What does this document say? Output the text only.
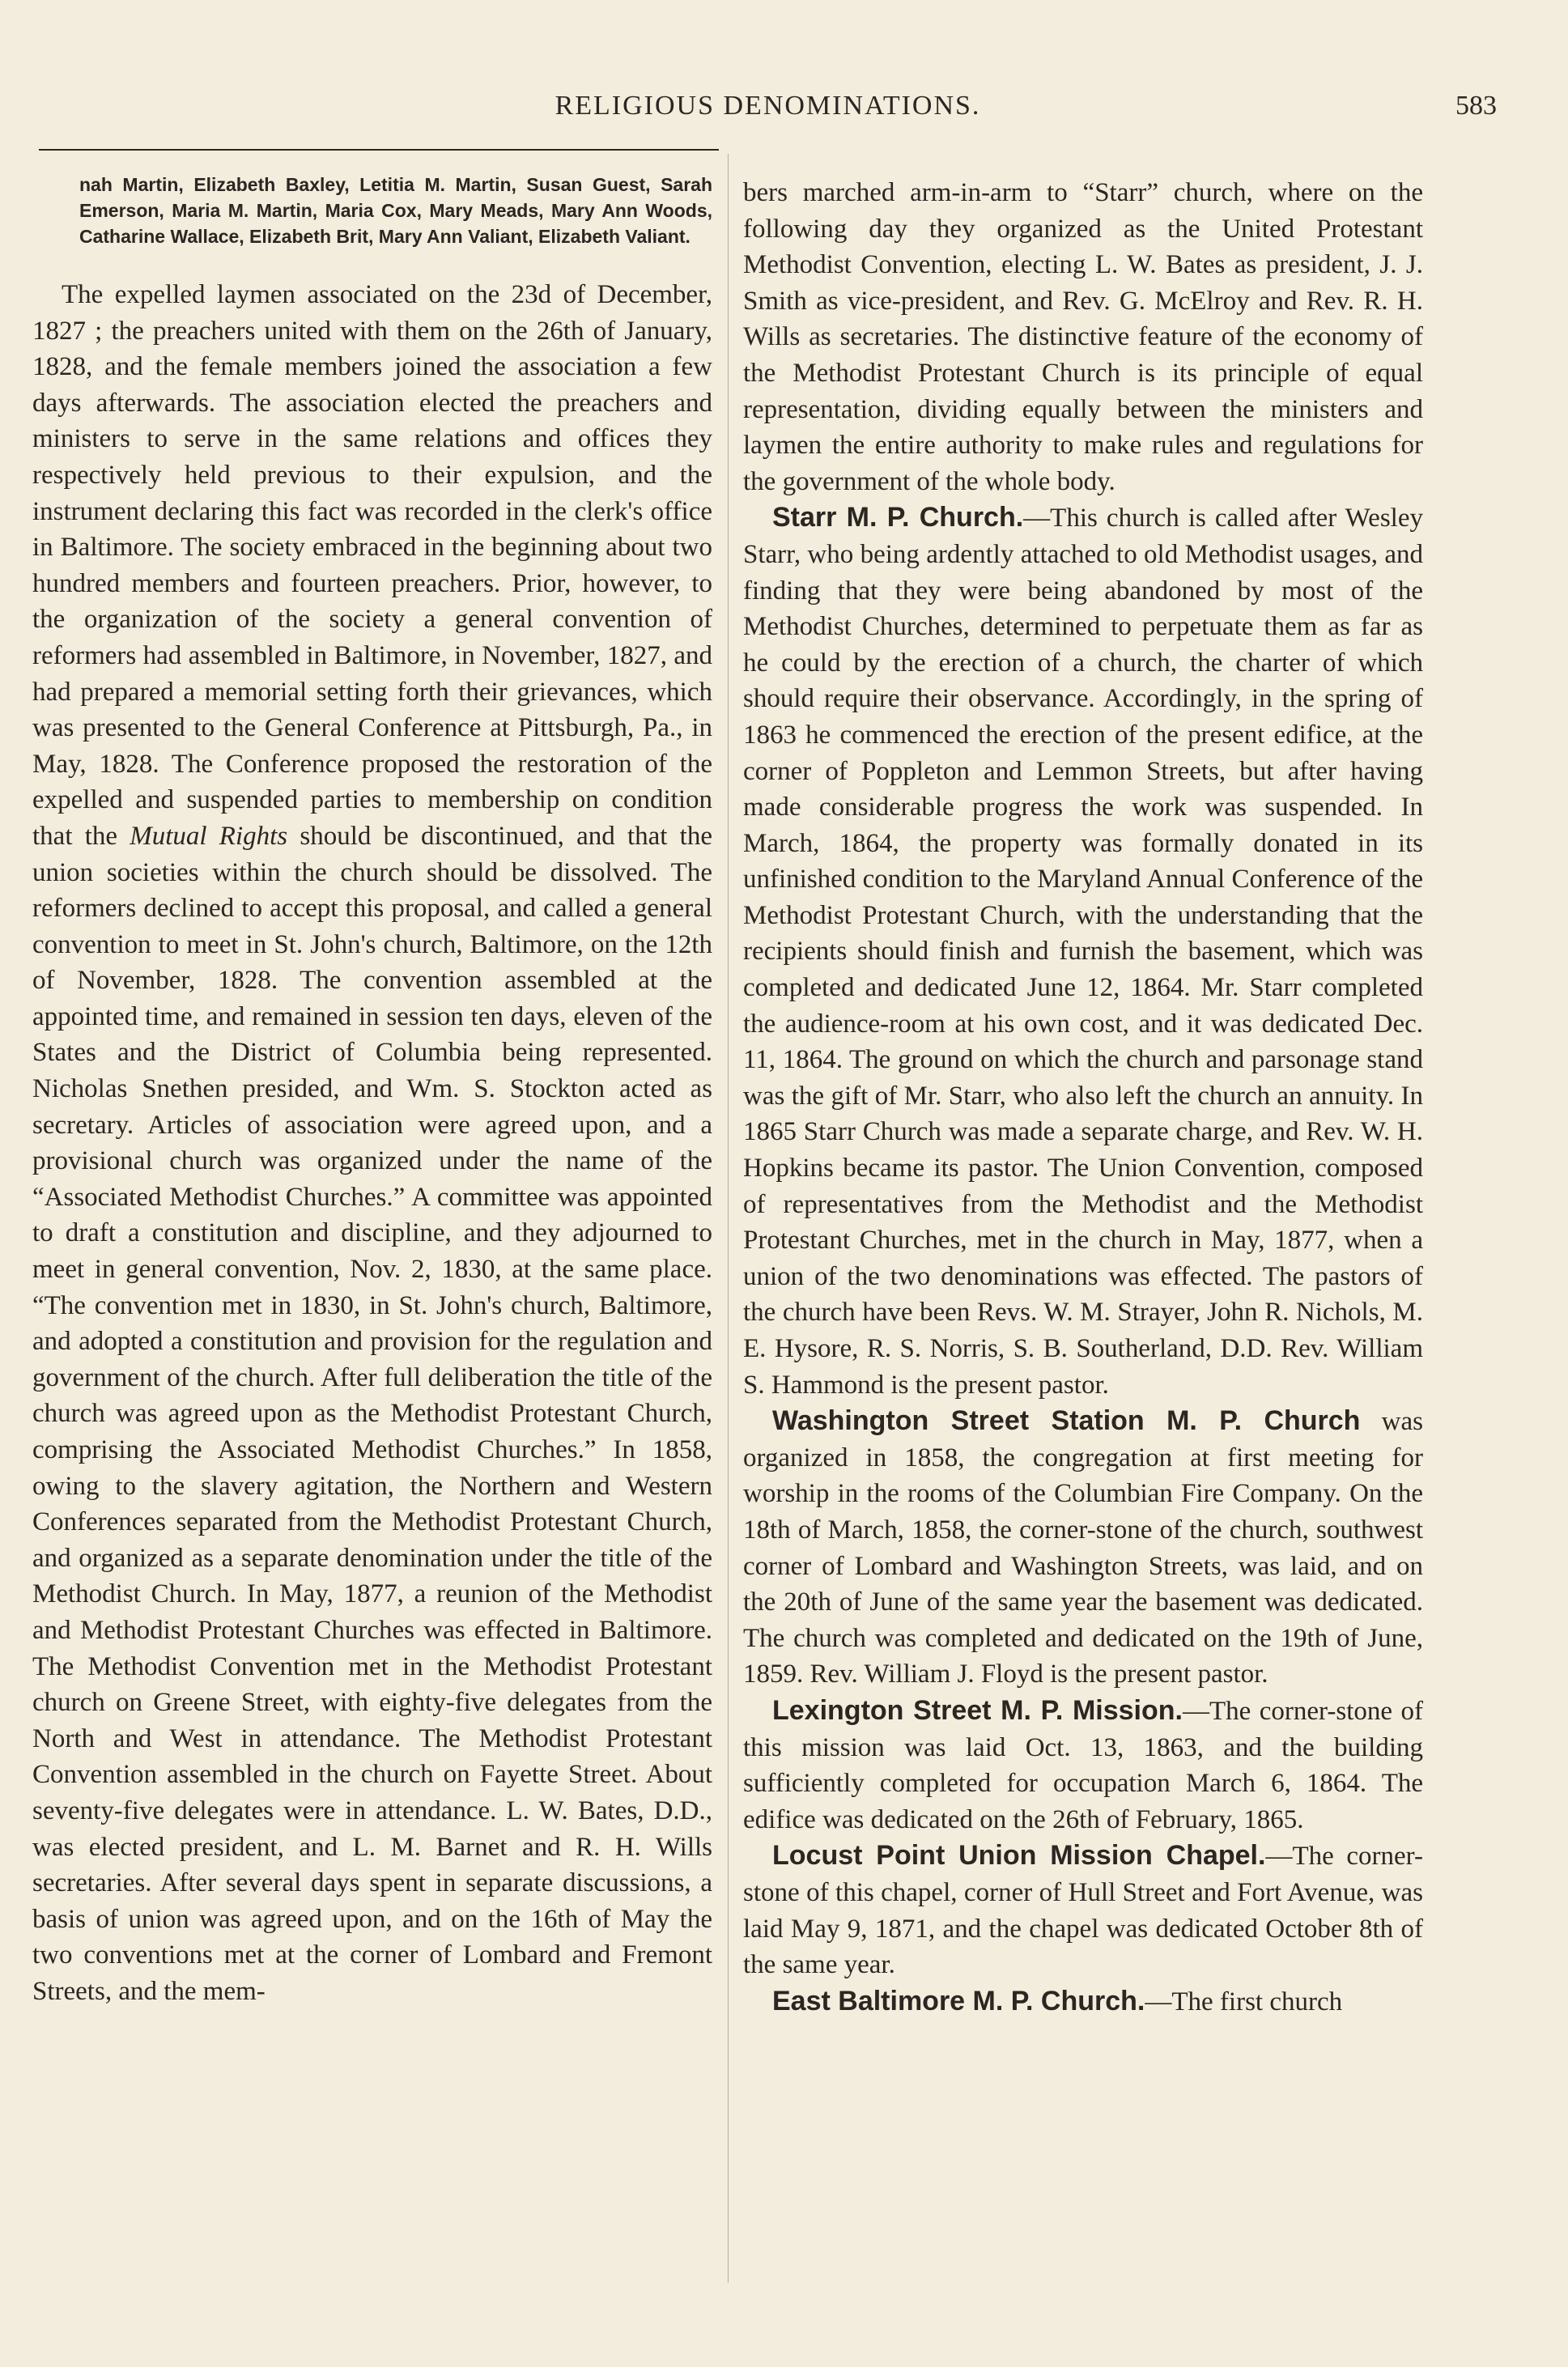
RELIGIOUS DENOMINATIONS.	583

nah Martin, Elizabeth Baxley, Letitia M. Martin, Susan Guest, Sarah Emerson, Maria M. Martin, Maria Cox, Mary Meads, Mary Ann Woods, Catharine Wallace, Elizabeth Brit, Mary Ann Valiant, Elizabeth Valiant.

The expelled laymen associated on the 23d of December, 1827 ; the preachers united with them on the 26th of January, 1828, and the female members joined the association a few days afterwards. The association elected the preachers and ministers to serve in the same relations and offices they respectively held previous to their expulsion, and the instrument declaring this fact was recorded in the clerk's office in Baltimore. The society embraced in the beginning about two hundred members and fourteen preachers. Prior, however, to the organization of the society a general convention of reformers had assembled in Baltimore, in November, 1827, and had prepared a memorial setting forth their grievances, which was presented to the General Conference at Pittsburgh, Pa., in May, 1828. The Conference proposed the restoration of the expelled and suspended parties to membership on condition that the Mutual Rights should be discontinued, and that the union societies within the church should be dissolved. The reformers declined to accept this proposal, and called a general convention to meet in St. John's church, Baltimore, on the 12th of November, 1828. The convention assembled at the appointed time, and remained in session ten days, eleven of the States and the District of Columbia being represented. Nicholas Snethen presided, and Wm. S. Stockton acted as secretary. Articles of association were agreed upon, and a provisional church was organized under the name of the “Associated Methodist Churches.” A committee was appointed to draft a constitution and discipline, and they adjourned to meet in general convention, Nov. 2, 1830, at the same place. “The convention met in 1830, in St. John's church, Baltimore, and adopted a constitution and provision for the regulation and government of the church. After full deliberation the title of the church was agreed upon as the Methodist Protestant Church, comprising the Associated Methodist Churches.” In 1858, owing to the slavery agitation, the Northern and Western Conferences separated from the Methodist Protestant Church, and organized as a separate denomination under the title of the Methodist Church. In May, 1877, a reunion of the Methodist and Methodist Protestant Churches was effected in Baltimore. The Methodist Convention met in the Methodist Protestant church on Greene Street, with eighty-five delegates from the North and West in attendance. The Methodist Protestant Convention assembled in the church on Fayette Street. About seventy-five delegates were in attendance. L. W. Bates, D.D., was elected president, and L. M. Barnet and R. H. Wills secretaries. After several days spent in separate discussions, a basis of union was agreed upon, and on the 16th of May the two conventions met at the corner of Lombard and Fremont Streets, and the mem-

bers marched arm-in-arm to “Starr” church, where on the following day they organized as the United Protestant Methodist Convention, electing L. W. Bates as president, J. J. Smith as vice-president, and Rev. G. McElroy and Rev. R. H. Wills as secretaries. The distinctive feature of the economy of the Methodist Protestant Church is its principle of equal representation, dividing equally between the ministers and laymen the entire authority to make rules and regulations for the government of the whole body.

Starr M. P. Church.—This church is called after Wesley Starr, who being ardently attached to old Methodist usages, and finding that they were being abandoned by most of the Methodist Churches, determined to perpetuate them as far as he could by the erection of a church, the charter of which should require their observance. Accordingly, in the spring of 1863 he commenced the erection of the present edifice, at the corner of Poppleton and Lemmon Streets, but after having made considerable progress the work was suspended. In March, 1864, the property was formally donated in its unfinished condition to the Maryland Annual Conference of the Methodist Protestant Church, with the understanding that the recipients should finish and furnish the basement, which was completed and dedicated June 12, 1864. Mr. Starr completed the audience-room at his own cost, and it was dedicated Dec. 11, 1864. The ground on which the church and parsonage stand was the gift of Mr. Starr, who also left the church an annuity. In 1865 Starr Church was made a separate charge, and Rev. W. H. Hopkins became its pastor. The Union Convention, composed of representatives from the Methodist and the Methodist Protestant Churches, met in the church in May, 1877, when a union of the two denominations was effected. The pastors of the church have been Revs. W. M. Strayer, John R. Nichols, M. E. Hysore, R. S. Norris, S. B. Southerland, D.D. Rev. William S. Hammond is the present pastor.

Washington Street Station M. P. Church was organized in 1858, the congregation at first meeting for worship in the rooms of the Columbian Fire Company. On the 18th of March, 1858, the corner-stone of the church, southwest corner of Lombard and Washington Streets, was laid, and on the 20th of June of the same year the basement was dedicated. The church was completed and dedicated on the 19th of June, 1859. Rev. William J. Floyd is the present pastor.

Lexington Street M. P. Mission.—The corner-stone of this mission was laid Oct. 13, 1863, and the building sufficiently completed for occupation March 6, 1864. The edifice was dedicated on the 26th of February, 1865.

Locust Point Union Mission Chapel.—The corner-stone of this chapel, corner of Hull Street and Fort Avenue, was laid May 9, 1871, and the chapel was dedicated October 8th of the same year.

East Baltimore M. P. Church.—The first church
